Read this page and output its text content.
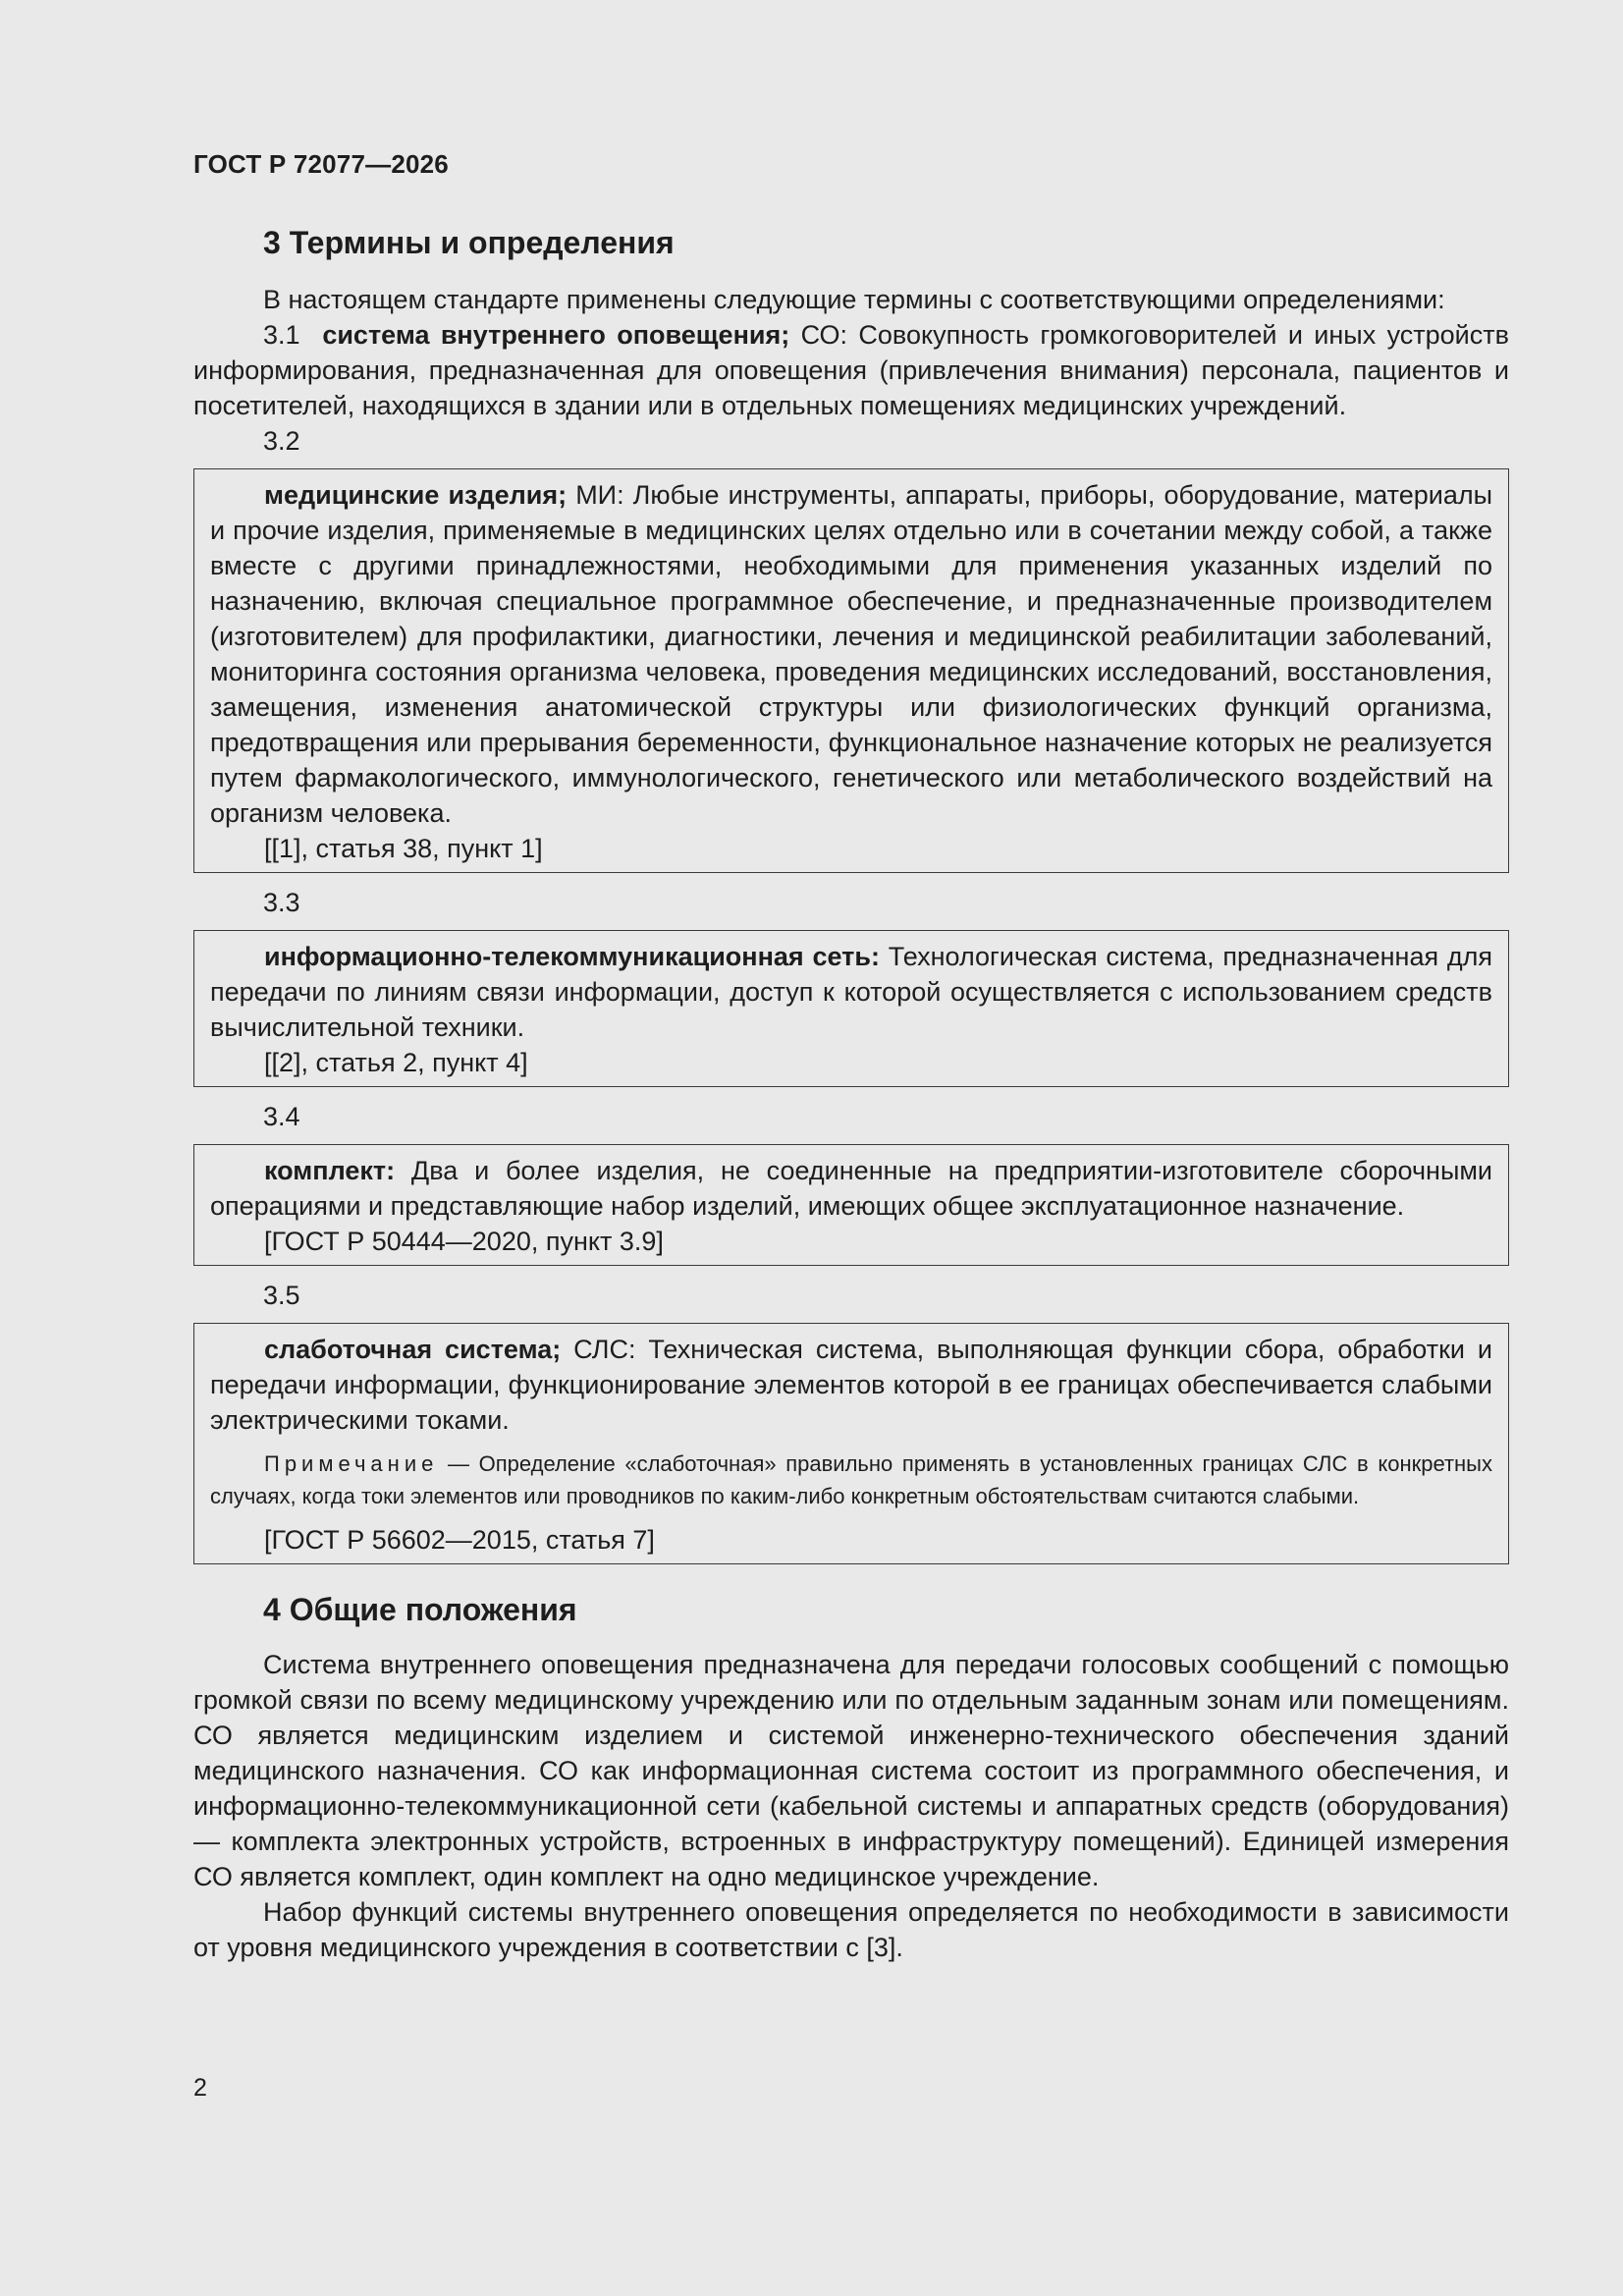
ГОСТ Р 72077—2026
3 Термины и определения

В настоящем стандарте применены следующие термины с соответствующими определениями:

3.1 система внутреннего оповещения; СО: Совокупность громкоговорителей и иных устройств информирования, предназначенная для оповещения (привлечения внимания) персонала, пациентов и посетителей, находящихся в здании или в отдельных помещениях медицинских учреждений.

3.2

медицинские изделия; МИ: Любые инструменты, аппараты, приборы, оборудование, материалы и прочие изделия, применяемые в медицинских целях отдельно или в сочетании между собой, а также вместе с другими принадлежностями, необходимыми для применения указанных изделий по назначению, включая специальное программное обеспечение, и предназначенные производителем (изготовителем) для профилактики, диагностики, лечения и медицинской реабилитации заболеваний, мониторинга состояния организма человека, проведения медицинских исследований, восстановления, замещения, изменения анатомической структуры или физиологических функций организма, предотвращения или прерывания беременности, функциональное назначение которых не реализуется путем фармакологического, иммунологического, генетического или метаболического воздействий на организм человека.

[[1], статья 38, пункт 1]

3.3

информационно-телекоммуникационная сеть: Технологическая система, предназначенная для передачи по линиям связи информации, доступ к которой осуществляется с использованием средств вычислительной техники.

[[2], статья 2, пункт 4]

3.4

комплект: Два и более изделия, не соединенные на предприятии-изготовителе сборочными операциями и представляющие набор изделий, имеющих общее эксплуатационное назначение.

[ГОСТ Р 50444—2020, пункт 3.9]

3.5

слаботочная система; СЛС: Техническая система, выполняющая функции сбора, обработки и передачи информации, функционирование элементов которой в ее границах обеспечивается слабыми электрическими токами.

Примечание — Определение «слаботочная» правильно применять в установленных границах СЛС в конкретных случаях, когда токи элементов или проводников по каким-либо конкретным обстоятельствам считаются слабыми.

[ГОСТ Р 56602—2015, статья 7]

4 Общие положения

Система внутреннего оповещения предназначена для передачи голосовых сообщений с помощью громкой связи по всему медицинскому учреждению или по отдельным заданным зонам или помещениям. СО является медицинским изделием и системой инженерно-технического обеспечения зданий медицинского назначения. СО как информационная система состоит из программного обеспечения, и информационно-телекоммуникационной сети (кабельной системы и аппаратных средств (оборудования) — комплекта электронных устройств, встроенных в инфраструктуру помещений). Единицей измерения СО является комплект, один комплект на одно медицинское учреждение.

Набор функций системы внутреннего оповещения определяется по необходимости в зависимости от уровня медицинского учреждения в соответствии с [3].

2
